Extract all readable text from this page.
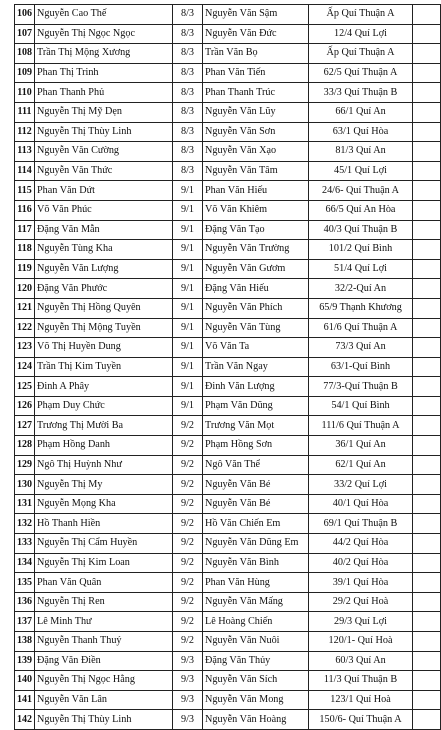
106	Nguyễn Cao Thế	8/3	Nguyễn Văn Sậm	Ấp Quí Thuận A	
107	Nguyễn Thị Ngọc Ngọc	8/3	Nguyễn Văn Đức	12/4 Quí Lợi	
108	Trần Thị Mộng Xương	8/3	Trần Văn Bọ	Ấp Quí Thuận A	
109	Phan Thị Trinh	8/3	Phan Văn Tiến	62/5 Quí Thuận A	
110	Phan Thanh Phủ	8/3	Phan Thanh Trúc	33/3 Quí Thuận B	
111	Nguyễn Thị Mỹ Dẹn	8/3	Nguyễn Văn Lũy	66/1 Quí An	
112	Nguyễn Thị Thùy Linh	8/3	Nguyễn Văn Sơn	63/1 Quí Hòa	
113	Nguyễn Văn Cường	8/3	Nguyễn Văn Xạo	81/3 Quí An	
114	Nguyễn Văn Thức	8/3	Nguyễn Văn Tâm	45/1 Quí Lợi	
115	Phan Văn Dứt	9/1	Phan Văn Hiếu	24/6- Quí Thuận A	
116	Võ Văn Phúc	9/1	Võ Văn Khiêm	66/5 Quí An Hòa	
117	Đặng Văn Mẫn	9/1	Đặng Văn Tạo	40/3 Quí Thuận B	
118	Nguyễn Tùng Kha	9/1	Nguyễn Văn Trường	101/2 Quí Bình	
119	Nguyễn Văn Lượng	9/1	Nguyễn Văn Gươm	51/4 Quí Lợi	
120	Đặng Văn Phước	9/1	Đặng Văn Hiếu	32/2-Quí An	
121	Nguyễn Thị Hồng Quyên	9/1	Nguyễn Văn Phích	65/9 Thạnh Khương	
122	Nguyễn Thị Mộng Tuyền	9/1	Nguyễn Văn Tùng	61/6 Quí Thuận A	
123	Võ Thị Huyền Dung	9/1	Võ Văn Ta	73/3 Quí An	
124	Trần Thị Kim Tuyền	9/1	Trần Văn Ngay	63/1-Quí Bình	
125	Đinh A Phây	9/1	Đinh Văn Lượng	77/3-Quí Thuận B	
126	Phạm Duy Chức	9/1	Phạm Văn Dũng	54/1 Quí Bình	
127	Trương Thị Mười Ba	9/2	Trương Văn Mọt	111/6 Quí Thuận A	
128	Phạm Hồng Danh	9/2	Phạm Hồng Sơn	36/1 Quí An	
129	Ngô Thị Huỳnh Như	9/2	Ngô Văn Thể	62/1 Quí An	
130	Nguyễn Thị My	9/2	Nguyễn Văn Bé	33/2 Quí Lợi	
131	Nguyễn Mọng Kha	9/2	Nguyễn Văn Bé	40/1 Quí Hòa	
132	Hồ Thanh Hiền	9/2	Hồ Văn Chiến Em	69/1 Quí Thuận B	
133	Nguyễn Thị Cẩm Huyền	9/2	Nguyễn Văn Dũng Em	44/2 Quí Hòa	
134	Nguyễn Thị Kim Loan	9/2	Nguyễn Văn Bình	40/2 Quí Hòa	
135	Phan Văn Quân	9/2	Phan Văn Hùng	39/1 Quí Hòa	
136	Nguyễn Thị Ren	9/2	Nguyễn Văn Mấng	29/2 Quí Hoà	
137	Lê Minh Thư	9/2	Lê Hoàng Chiến	29/3 Quí Lợi	
138	Nguyễn Thanh Thuý	9/2	Nguyễn Văn Nuôi	120/1- Quí Hoà	
139	Đặng Văn Điền	9/3	Đặng Văn Thủy	60/3 Quí An	
140	Nguyễn Thị Ngọc Hằng	9/3	Nguyễn Văn Sích	11/3 Quí Thuận B	
141	Nguyễn Văn Lân	9/3	Nguyễn Văn Mong	123/1 Quí Hoà	
142	Nguyễn Thị Thùy Linh	9/3	Nguyễn Văn Hoàng	150/6- Quí Thuận A	
